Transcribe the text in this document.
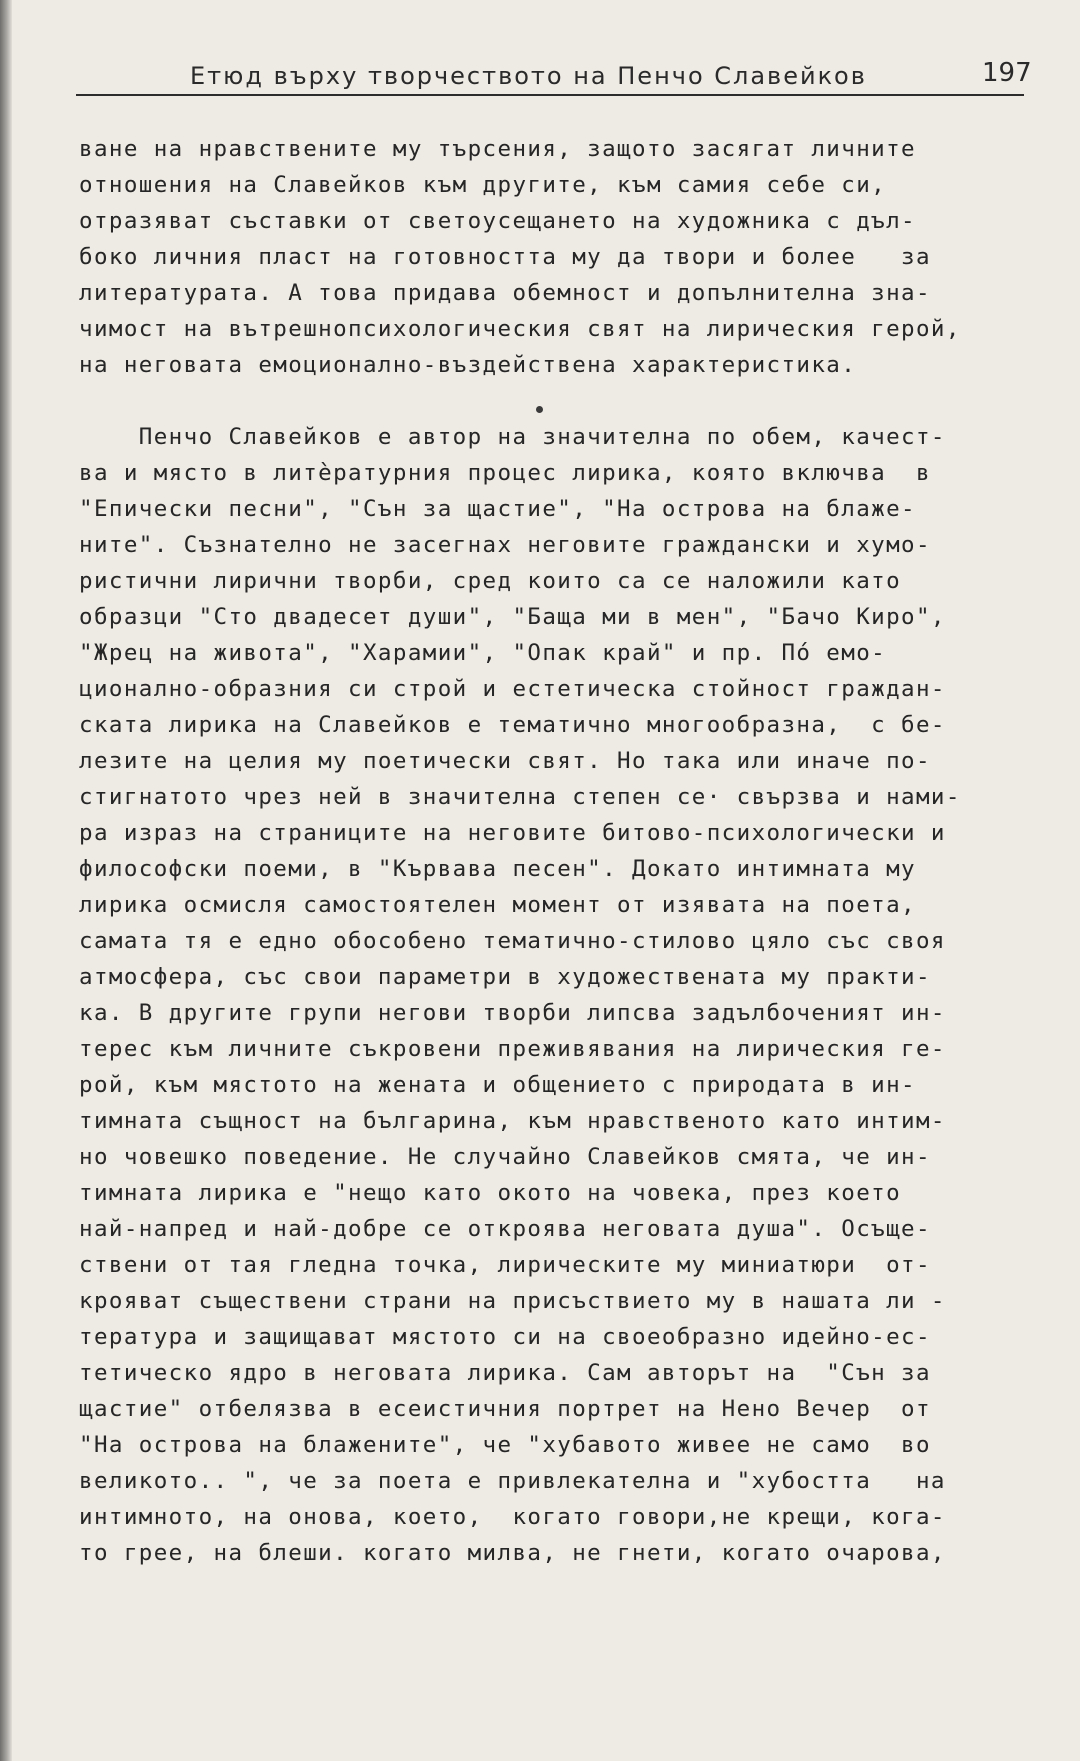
Етюд върху творчеството на Пенчо Славейков	197
ване на нравствените му търсения, защото засягат личните
отношения на Славейков към другите, към самия себе си,
отразяват съставки от светоусещането на художника с дъл-
боко личния пласт на готовността му да твори и более   за
литературата. А това придава обемност и допълнителна зна-
чимост на вътрешнопсихологическия свят на лирическия герой,
на неговата емоционално-въздействена характеристика.
Пенчо Славейков е автор на значителна по обем, качест-
ва и място в литèратурния процес лирика, която включва  в
"Епически песни", "Сън за щастие", "На острова на блаже-
ните". Съзнателно не засегнах неговите граждански и хумо-
ристични лирични творби, сред които са се наложили като
образци "Сто двадесет души", "Баща ми в мен", "Бачо Киро",
"Жрец на живота", "Харамии", "Опак край" и пр. Пó емо-
ционално-образния си строй и естетическа стойност граждан-
ската лирика на Славейков е тематично многообразна,  с бе-
лезите на целия му поетически свят. Но така или иначе по-
стигнатото чрез ней в значителна степен се· свързва и нами-
ра израз на страниците на неговите битово-психологически и
философски поеми, в "Кървава песен". Докато интимната му
лирика осмисля самостоятелен момент от изявата на поета,
самата тя е едно обособено тематично-стилово цяло със своя
атмосфера, със свои параметри в художествената му практи-
ка. В другите групи негови творби липсва задълбоченият ин-
терес към личните съкровени преживявания на лирическия ге-
рой, към мястото на жената и общението с природата в ин-
тимната същност на българина, към нравственото като интим-
но човешко поведение. Не случайно Славейков смята, че ин-
тимната лирика е "нещо като окото на човека, през което
най-напред и най-добре се откроява неговата душа". Осъще-
ствени от тая гледна точка, лирическите му миниатюри  от-
крояват съществени страни на присъствието му в нашата ли -
тература и защищават мястото си на своеобразно идейно-ес-
тетическо ядро в неговата лирика. Сам авторът на  "Сън за
щастие" отбелязва в есеистичния портрет на Нено Вечер  от
"На острова на блажените", че "хубавото живее не само  во
великото.. ", че за поета е привлекателна и "хубостта   на
интимното, на онова, което,  когато говори,не крещи, кога-
то грее, на блеши. когато милва, не гнети, когато очарова,
